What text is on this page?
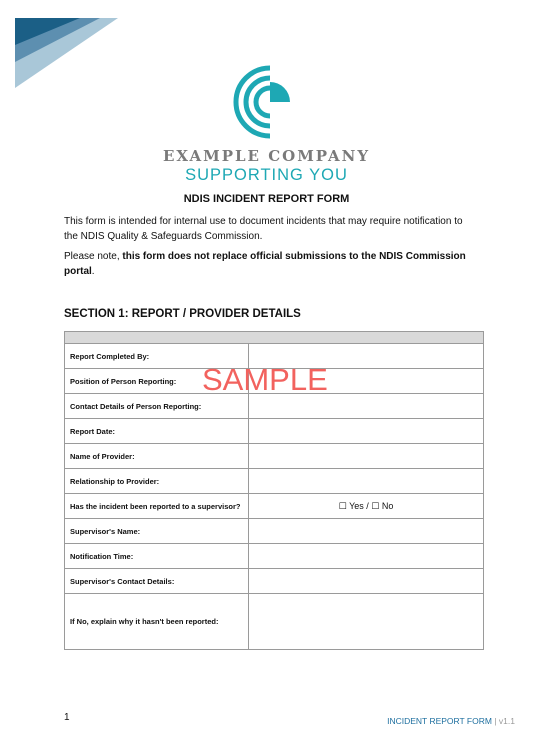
EXAMPLE COMPANY
SUPPORTING YOU
NDIS INCIDENT REPORT FORM
This form is intended for internal use to document incidents that may require notification to the NDIS Quality & Safeguards Commission.
Please note, this form does not replace official submissions to the NDIS Commission portal.
SECTION 1: REPORT / PROVIDER DETAILS

Report Completed By:	
Position of Person Reporting:	
Contact Details of Person Reporting:	
Report Date:	
Name of Provider:	
Relationship to Provider:	
Has the incident been reported to a supervisor?	☐ Yes / ☐ No
Supervisor's Name:	
Notification Time:	
Supervisor's Contact Details:	
If No, explain why it hasn't been reported:	
SAMPLE
1	INCIDENT REPORT FORM | v1.1
